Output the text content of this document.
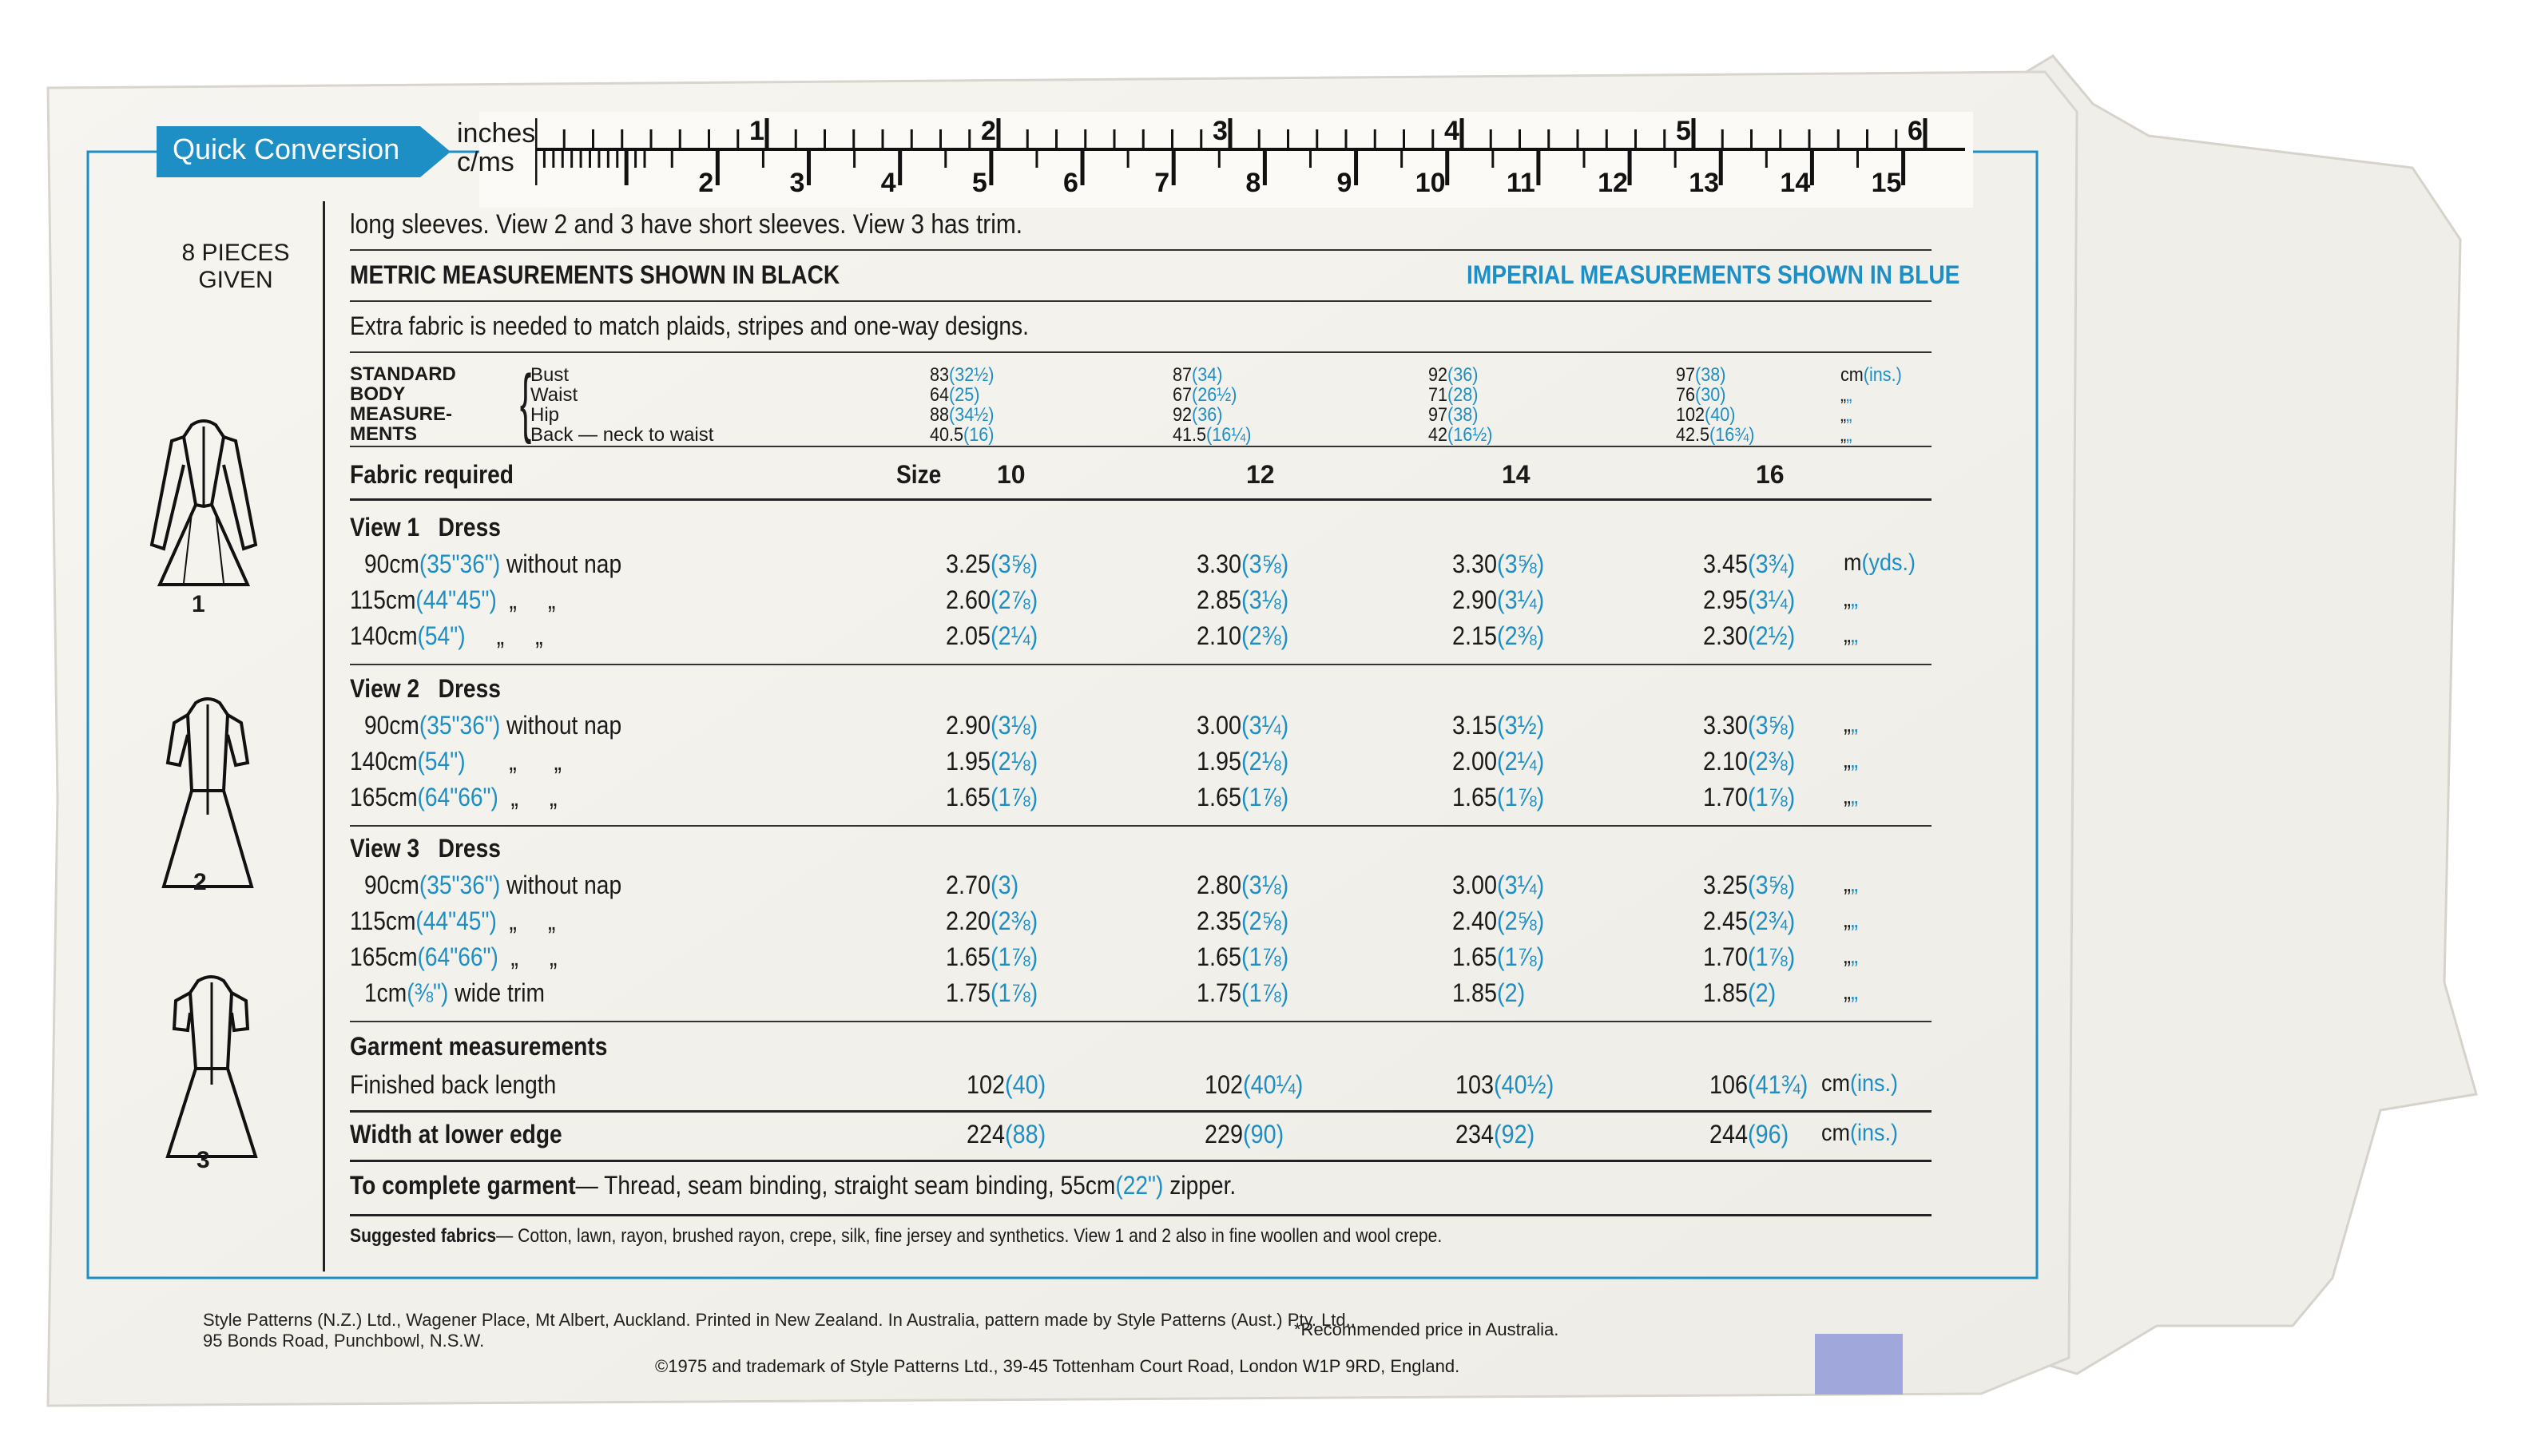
Quick Conversion inches
c/ms
1	2	3	4	5	6
2	3	4	5	6	7	8	9 10 11 12 13 14 15
8 PIECES GIVEN
1
2
3
long sleeves. View 2 and 3 have short sleeves. View 3 has trim.
METRIC MEASUREMENTS SHOWN IN BLACK	IMPERIAL MEASUREMENTS SHOWN IN BLUE
Extra fabric is needed to match plaids, stripes and one-way designs.
STANDARD
BODY
MEASURE-
MENTS	{
Bust	83(32½)	87(34)	92(36)	97(38)	cm(ins.)
Waist	64(25)	67(26½)	71(28)	76(30)	„„
Hip	88(34½)	92(36)	97(38)	102(40)	„„
Back — neck to waist	40.5(16)	41.5(16¼)	42(16½)	42.5(16¾)	„„
Fabric required	Size 10	12	14	16
View 1   Dress
90cm(35"36") without nap	3.25(3⅝)	3.30(3⅝)	3.30(3⅝)	3.45(3¾) m(yds.)
115cm(44"45")  „     „	2.60(2⅞)	2.85(3⅛)	2.90(3¼)	2.95(3¼) „„
140cm(54")     „     „	2.05(2¼)	2.10(2⅜)	2.15(2⅜)	2.30(2½) „„
View 2   Dress
90cm(35"36") without nap	2.90(3⅛)	3.00(3¼)	3.15(3½)	3.30(3⅝) „„
140cm(54")       „      „	1.95(2⅛)	1.95(2⅛)	2.00(2¼)	2.10(2⅜) „„
165cm(64"66")  „     „	1.65(1⅞)	1.65(1⅞)	1.65(1⅞)	1.70(1⅞) „„
View 3   Dress
90cm(35"36") without nap	2.70(3)	2.80(3⅛)	3.00(3¼)	3.25(3⅝) „„
115cm(44"45")  „     „	2.20(2⅜)	2.35(2⅝)	2.40(2⅝)	2.45(2¾) „„
165cm(64"66")  „     „	1.65(1⅞)	1.65(1⅞)	1.65(1⅞)	1.70(1⅞) „„
1cm(⅜") wide trim	1.75(1⅞)	1.75(1⅞)	1.85(2)	1.85(2)	„„
Garment measurements
Finished back length	102(40)	102(40¼)	103(40½)	106(41¾) cm(ins.)
Width at lower edge	224(88)	229(90)	234(92)	244(96) cm(ins.)
To complete garment— Thread, seam binding, straight seam binding, 55cm(22") zipper.
Suggested fabrics— Cotton, lawn, rayon, brushed rayon, crepe, silk, fine jersey and synthetics. View 1 and 2 also in fine woollen and wool crepe.
*Recommended price in Australia.
Style Patterns (N.Z.) Ltd., Wagener Place, Mt Albert, Auckland. Printed in New Zealand. In Australia, pattern made by Style Patterns (Aust.) Pty. Ltd.,
95 Bonds Road, Punchbowl, N.S.W.
©1975 and trademark of Style Patterns Ltd., 39-45 Tottenham Court Road, London W1P 9RD, England.
